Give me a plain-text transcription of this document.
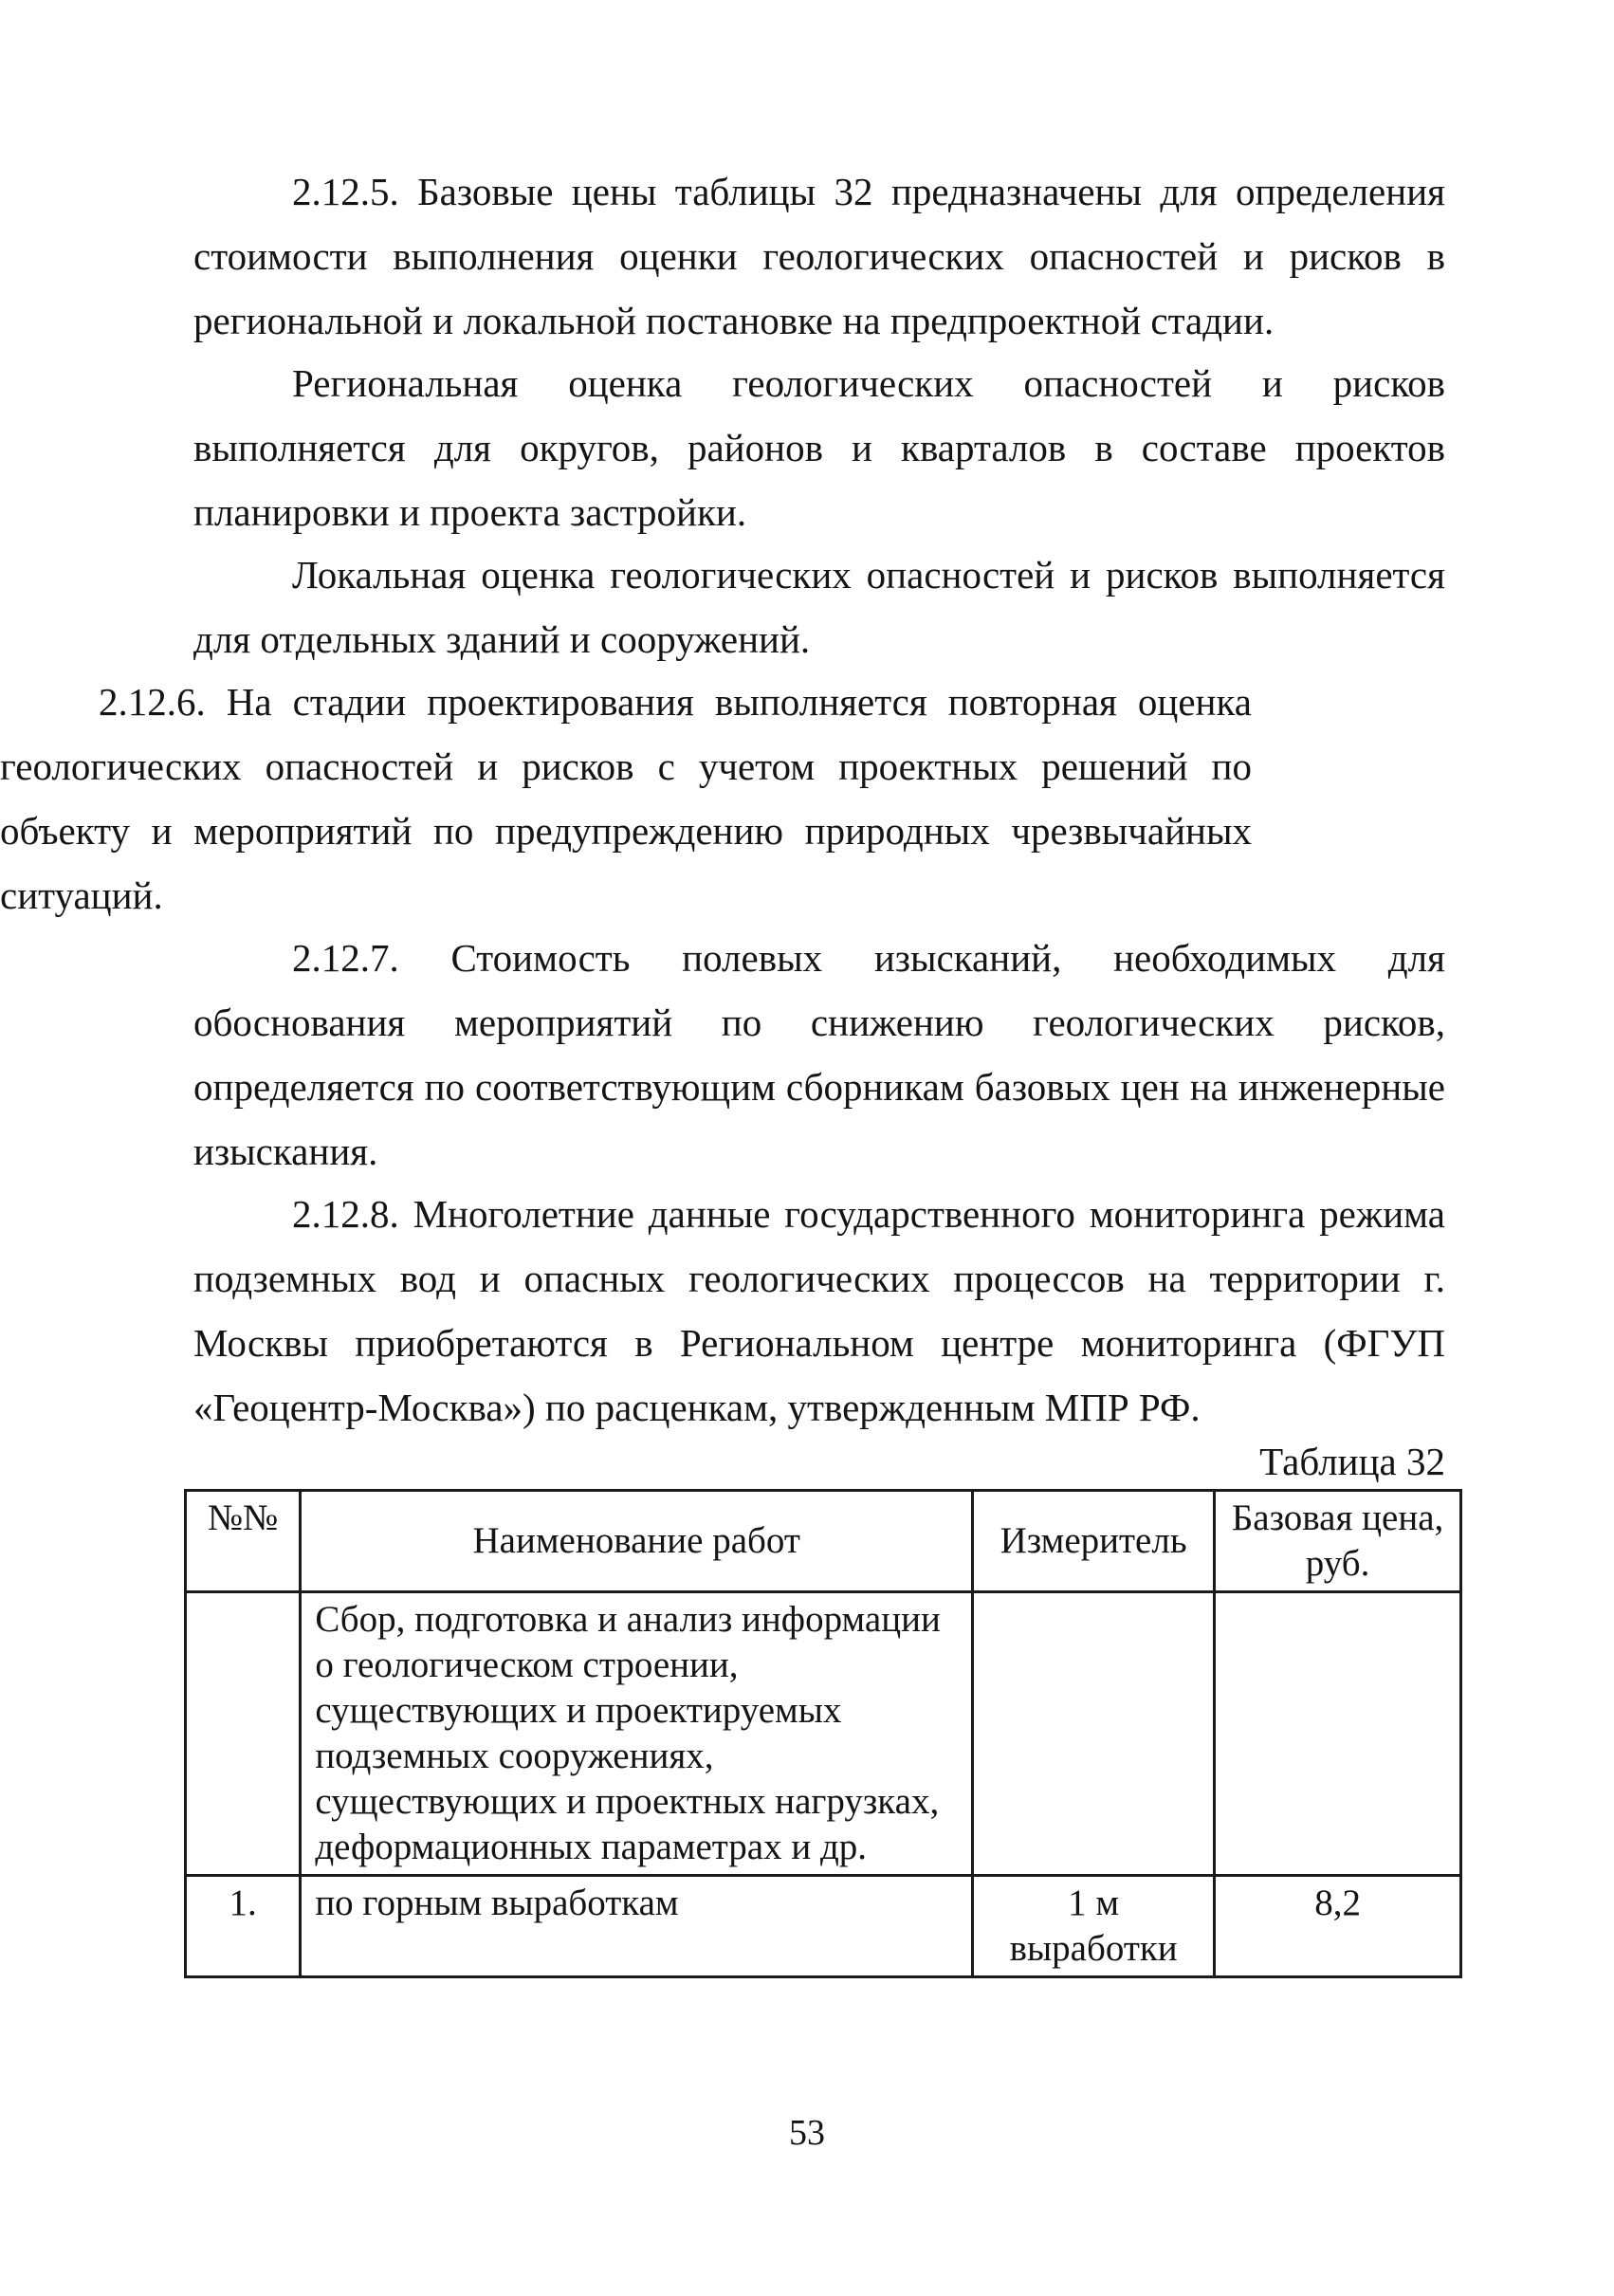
2.12.5. Базовые цены таблицы 32 предназначены для определения стоимости выполнения оценки геологических опасностей и рисков в региональной и локальной постановке на предпроектной стадии.

Региональная оценка геологических опасностей и рисков выполняется для округов, районов и кварталов в составе проектов планировки и проекта застройки.

Локальная оценка геологических опасностей и рисков выполняется для отдельных зданий и сооружений.

2.12.6. На стадии проектирования выполняется повторная оценка геологических опасностей и рисков с учетом проектных решений по объекту и мероприятий по предупреждению природных чрезвычайных ситуаций.

2.12.7. Стоимость полевых изысканий, необходимых для обоснования мероприятий по снижению геологических рисков, определяется по соответствующим сборникам базовых цен на инженерные изыскания.

2.12.8. Многолетние данные государственного мониторинга режима подземных вод и опасных геологических процессов на территории г. Москвы приобретаются в Региональном центре мониторинга (ФГУП «Геоцентр-Москва») по расценкам, утвержденным МПР РФ.

Таблица 32
№№	Наименование работ	Измеритель	Базовая цена, руб.
	Сбор, подготовка и анализ информации о геологическом строении, существующих и проектируемых подземных сооружениях, существующих и проектных нагрузках, деформационных параметрах и др.		
1.	по горным выработкам	1 м выработки	8,2
53
